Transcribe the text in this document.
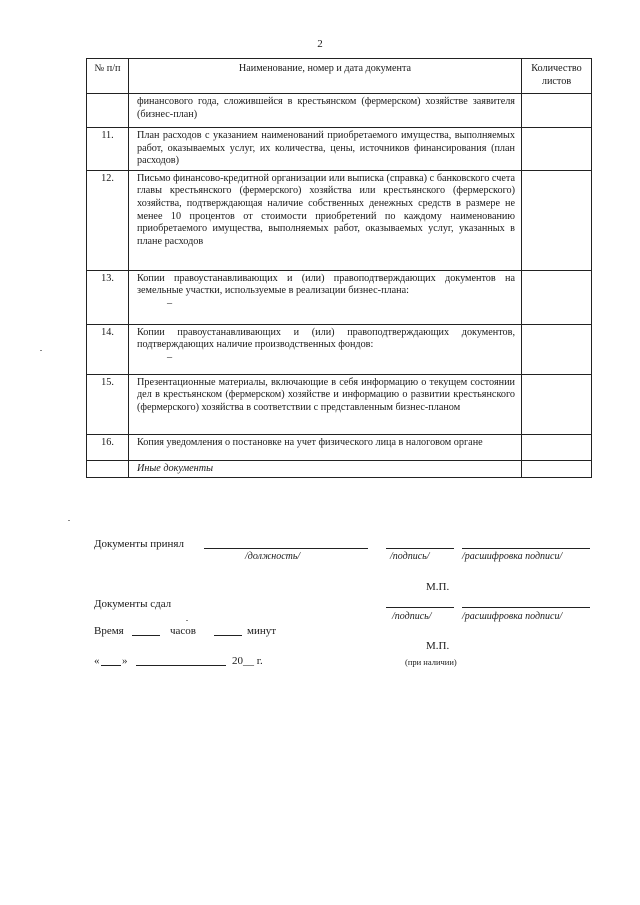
2
№ п/п	Наименование, номер и дата документа	Количество листов
	финансового года, сложившейся в крестьянском (фермерском) хозяйстве заявителя (бизнес-план)	
11.	План расходов с указанием наименований приобретаемого имущества, выполняемых работ, оказываемых услуг, их количества, цены, источников финансирования (план расходов)	
12.	Письмо финансово-кредитной организации или выписка (справка) с банковского счета главы крестьянского (фермерского) хозяйства или крестьянского (фермерского) хозяйства, подтверждающая наличие собственных денежных средств в размере не менее 10 процентов от стоимости приобретений по каждому наименованию приобретаемого имущества, выполняемых работ, оказываемых услуг, указанных в плане расходов	
13.	Копии правоустанавливающих и (или) правоподтверждающих документов на земельные участки, используемые в реализации бизнес-плана:
–	

14.	Копии правоустанавливающих и (или) правоподтверждающих документов, подтверждающих наличие производственных фондов:
–	

15.	Презентационные материалы, включающие в себя информацию о текущем состоянии дел в крестьянском (фермерском) хозяйстве и информацию о развитии крестьянского (фермерского) хозяйства в соответствии с представленным бизнес-планом	
16.	Копия уведомления о постановке на учет физического лица в налоговом органе	
	Иные документы	
Документы принял
/должность/	/подпись/	/расшифровка подписи/
М.П.
Документы сдал
/подпись/	/расшифровка подписи/
Время	часов	минут
М.П.
« »	20__ г.	(при наличии)
